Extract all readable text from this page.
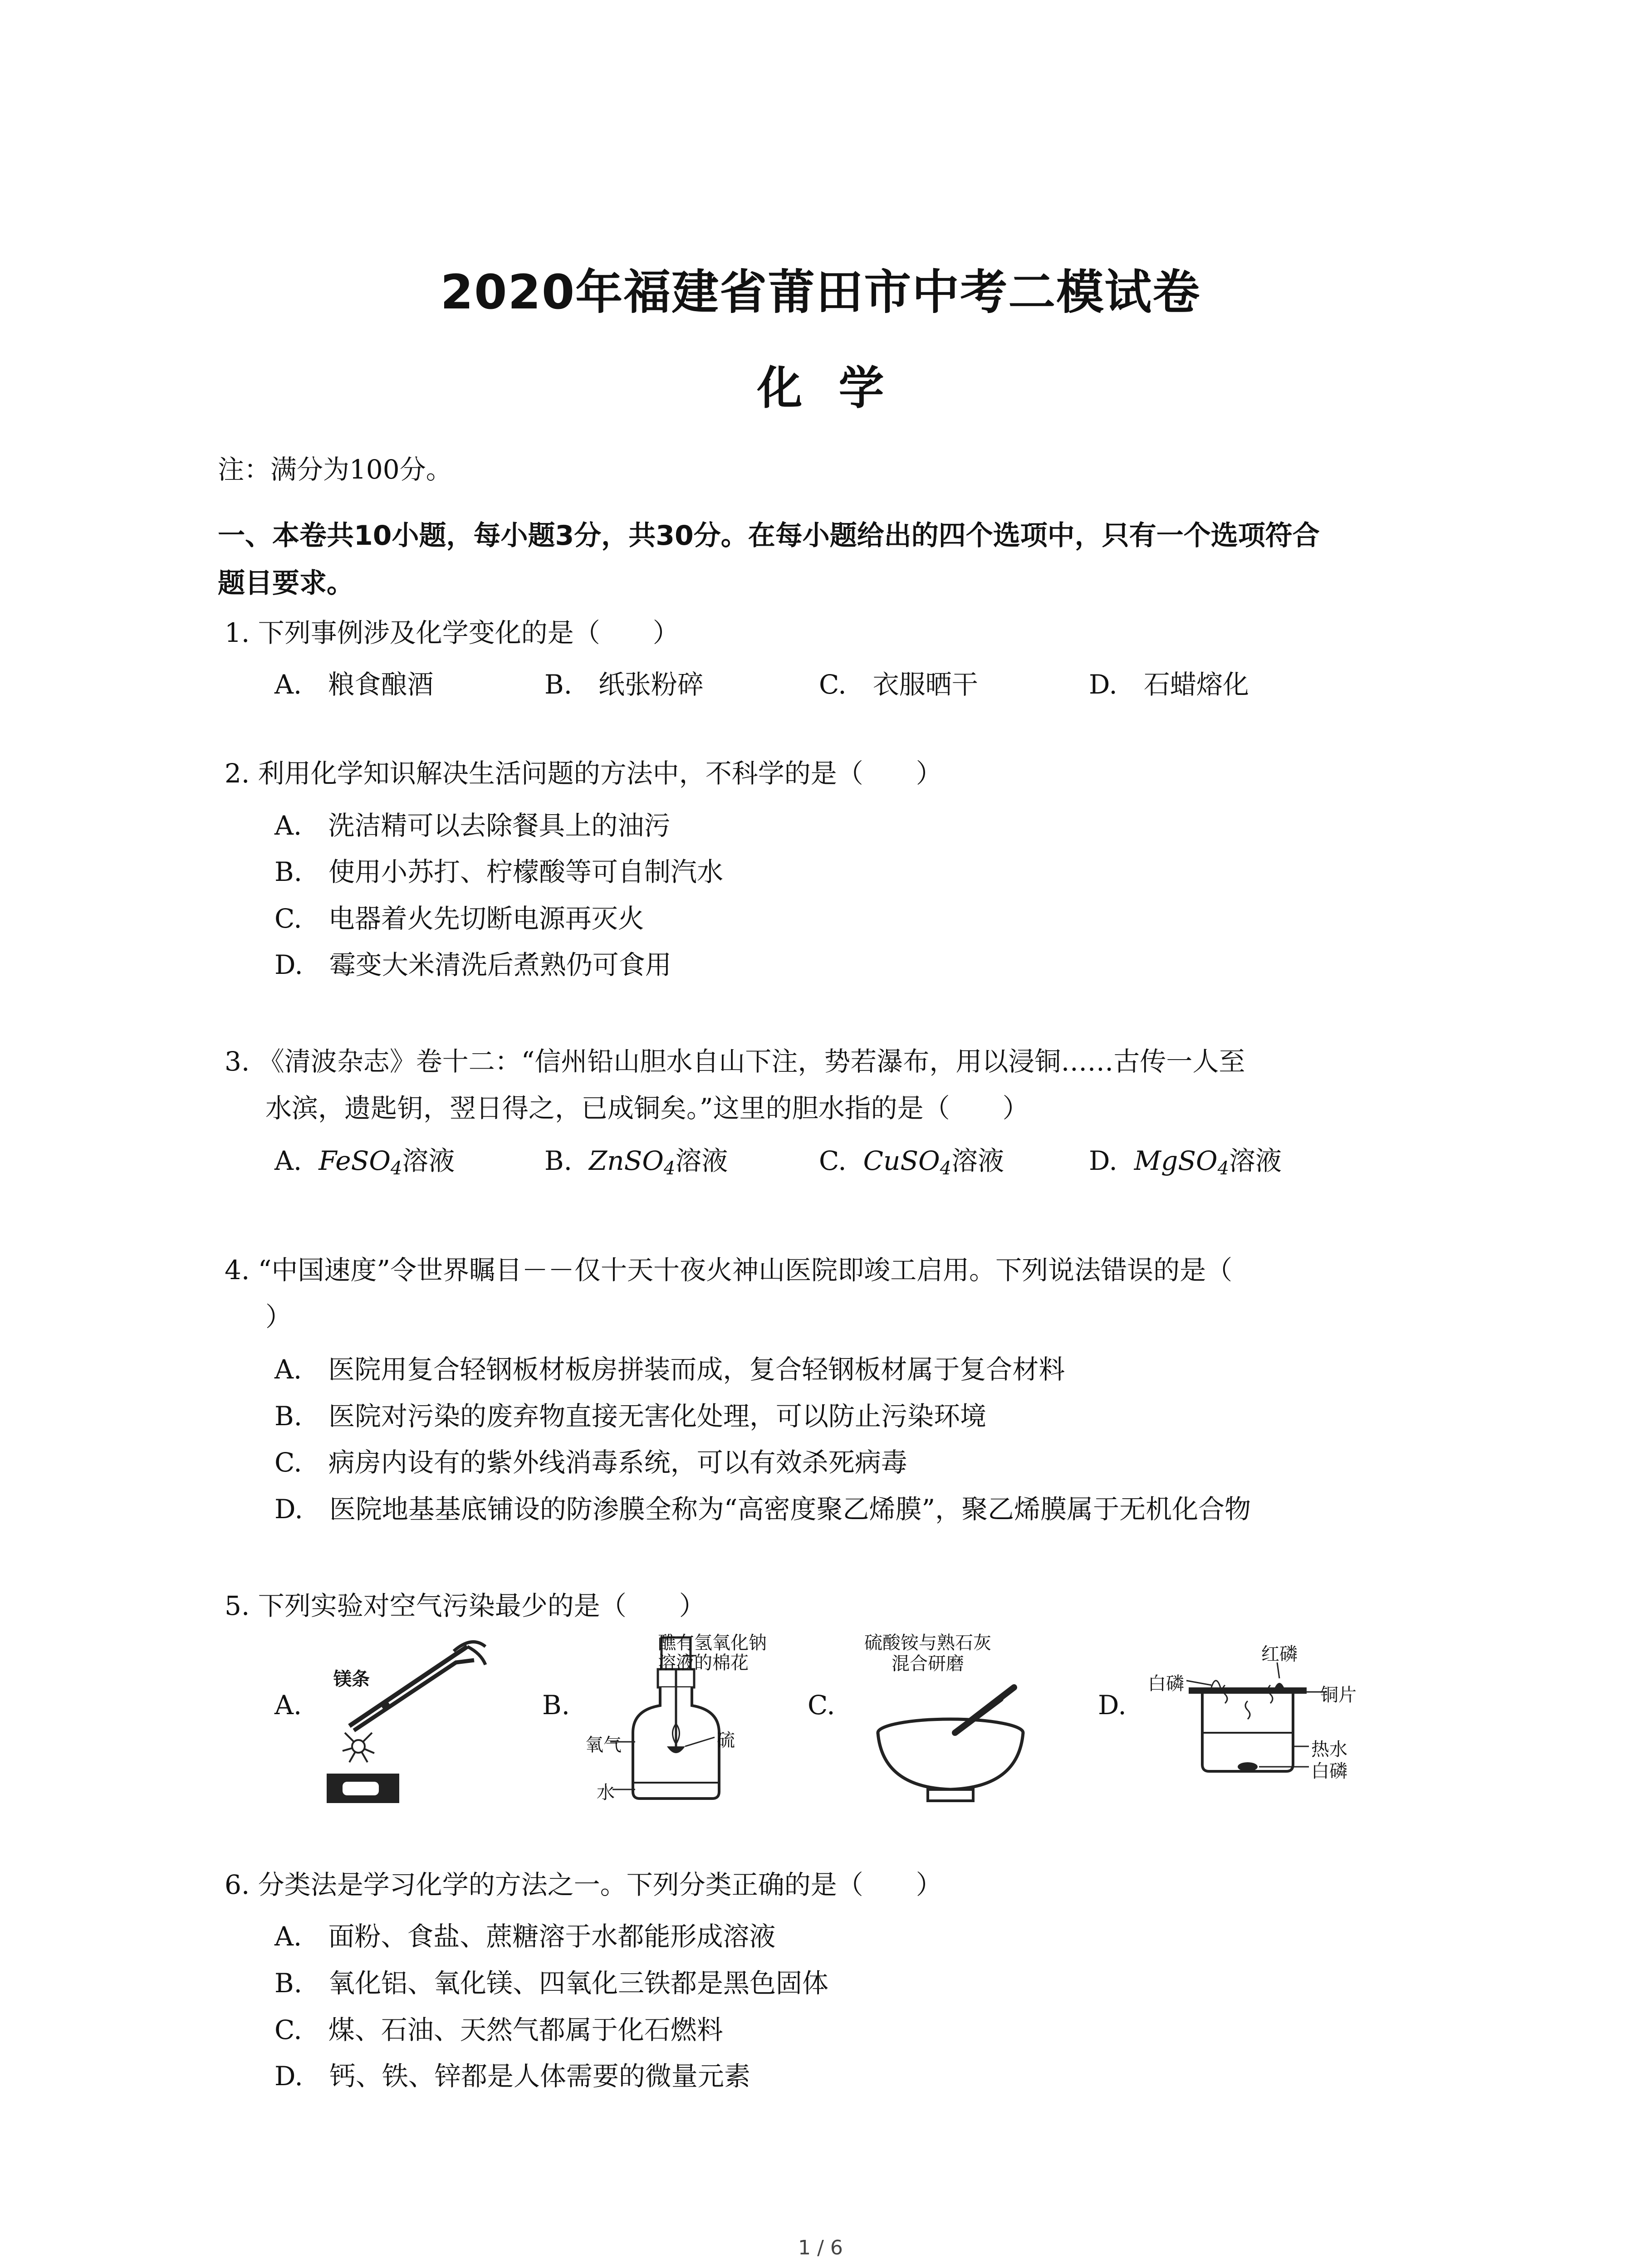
2020年福建省莆田市中考二模试卷
化学
注：满分为100分。
一、本卷共10小题，每小题3分，共30分。在每小题给出的四个选项中，只有一个选项符合
题目要求。
1. 下列事例涉及化学变化的是（　　）
A.　粮食酿酒	B.　纸张粉碎	C.　衣服晒干	D.　石蜡熔化
2. 利用化学知识解决生活问题的方法中，不科学的是（　　）
A.　洗洁精可以去除餐具上的油污
B.　使用小苏打、柠檬酸等可自制汽水
C.　电器着火先切断电源再灭火
D.　霉变大米清洗后煮熟仍可食用
3. 《清波杂志》卷十二：“信州铅山胆水自山下注，势若瀑布，用以浸铜……古传一人至
水滨，遗匙钥，翌日得之，已成铜矣。”这里的胆水指的是（　　）
A. FeSO$_4$溶液	B. ZnSO$_4$溶液	C. CuSO$_4$溶液	D. MgSO$_4$溶液
4. “中国速度”令世界瞩目－－仅十天十夜火神山医院即竣工启用。下列说法错误的是（
）
A.　医院用复合轻钢板材板房拼装而成，复合轻钢板材属于复合材料
B.　医院对污染的废弃物直接无害化处理，可以防止污染环境
C.　病房内设有的紫外线消毒系统，可以有效杀死病毒
D.　医院地基基底铺设的防渗膜全称为“高密度聚乙烯膜”，聚乙烯膜属于无机化合物
5. 下列实验对空气污染最少的是（　　）
A.
镁条
B.
醮有氢氧化钠
溶液的棉花
氧气	硫
水
C.
硫酸铵与熟石灰
混合研磨
D.
红磷
白磷
铜片
热水
白磷
6. 分类法是学习化学的方法之一。下列分类正确的是（　　）
A.　面粉、食盐、蔗糖溶于水都能形成溶液
B.　氧化铝、氧化镁、四氧化三铁都是黑色固体
C.　煤、石油、天然气都属于化石燃料
D.　钙、铁、锌都是人体需要的微量元素
1 / 6
